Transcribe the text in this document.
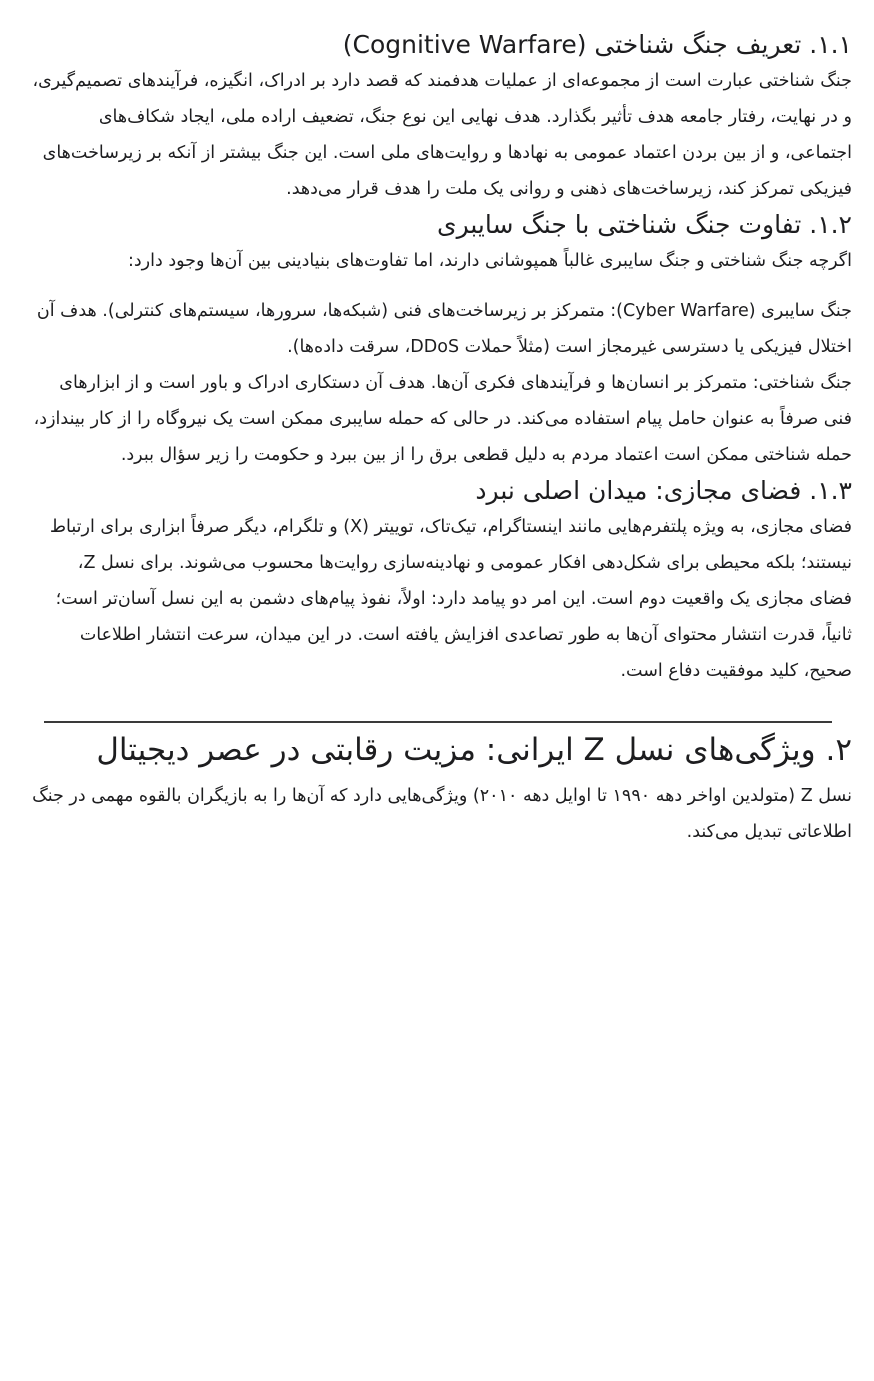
۱.۱. تعریف جنگ شناختی (Cognitive Warfare)

جنگ شناختی عبارت است از مجموعه‌ای از عملیات هدفمند که قصد دارد بر ادراک، انگیزه، فرآیندهای تصمیم‌گیری، و در نهایت، رفتار جامعه هدف تأثیر بگذارد. هدف نهایی این نوع جنگ، تضعیف اراده ملی، ایجاد شکاف‌های اجتماعی، و از بین بردن اعتماد عمومی به نهادها و روایت‌های ملی است. این جنگ بیشتر از آنکه بر زیرساخت‌های فیزیکی تمرکز کند، زیرساخت‌های ذهنی و روانی یک ملت را هدف قرار می‌دهد.

۱.۲. تفاوت جنگ شناختی با جنگ سایبری

اگرچه جنگ شناختی و جنگ سایبری غالباً همپوشانی دارند، اما تفاوت‌های بنیادینی بین آن‌ها وجود دارد:

جنگ سایبری (Cyber Warfare): متمرکز بر زیرساخت‌های فنی (شبکه‌ها، سرورها، سیستم‌های کنترلی). هدف آن اختلال فیزیکی یا دسترسی غیرمجاز است (مثلاً حملات DDoS، سرقت داده‌ها).

جنگ شناختی: متمرکز بر انسان‌ها و فرآیندهای فکری آن‌ها. هدف آن دستکاری ادراک و باور است و از ابزارهای فنی صرفاً به عنوان حامل پیام استفاده می‌کند. در حالی که حمله سایبری ممکن است یک نیروگاه را از کار بیندازد، حمله شناختی ممکن است اعتماد مردم به دلیل قطعی برق را از بین ببرد و حکومت را زیر سؤال ببرد.

۱.۳. فضای مجازی: میدان اصلی نبرد

فضای مجازی، به ویژه پلتفرم‌هایی مانند اینستاگرام، تیک‌تاک، توییتر (X) و تلگرام، دیگر صرفاً ابزاری برای ارتباط نیستند؛ بلکه محیطی برای شکل‌دهی افکار عمومی و نهادینه‌سازی روایت‌ها محسوب می‌شوند. برای نسل Z، فضای مجازی یک واقعیت دوم است. این امر دو پیامد دارد: اولاً، نفوذ پیام‌های دشمن به این نسل آسان‌تر است؛ ثانیاً، قدرت انتشار محتوای آن‌ها به طور تصاعدی افزایش یافته است. در این میدان، سرعت انتشار اطلاعات صحیح، کلید موفقیت دفاع است.

۲. ویژگی‌های نسل Z ایرانی: مزیت رقابتی در عصر دیجیتال

نسل Z (متولدین اواخر دهه ۱۹۹۰ تا اوایل دهه ۲۰۱۰) ویژگی‌هایی دارد که آن‌ها را به بازیگران بالقوه مهمی در جنگ اطلاعاتی تبدیل می‌کند.
